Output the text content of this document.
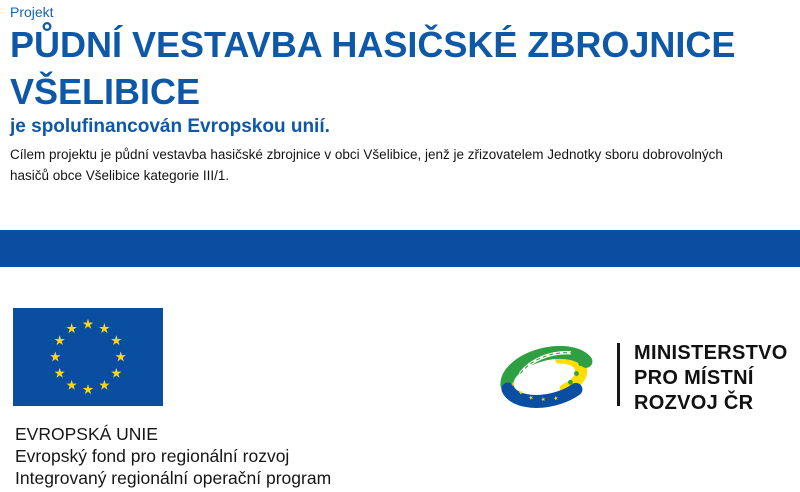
Projekt
PŮDNÍ VESTAVBA HASIČSKÉ ZBROJNICE
VŠELIBICE
je spolufinancován Evropskou unií.
Cílem projektu je půdní vestavba hasičské zbrojnice v obci Všelibice, jenž je zřizovatelem Jednotky sboru dobrovolných
hasičů obce Všelibice kategorie III/1.
EVROPSKÁ UNIE
Evropský fond pro regionální rozvoj
Integrovaný regionální operační program
MINISTERSTVO
PRO MÍSTNÍ
ROZVOJ ČR
